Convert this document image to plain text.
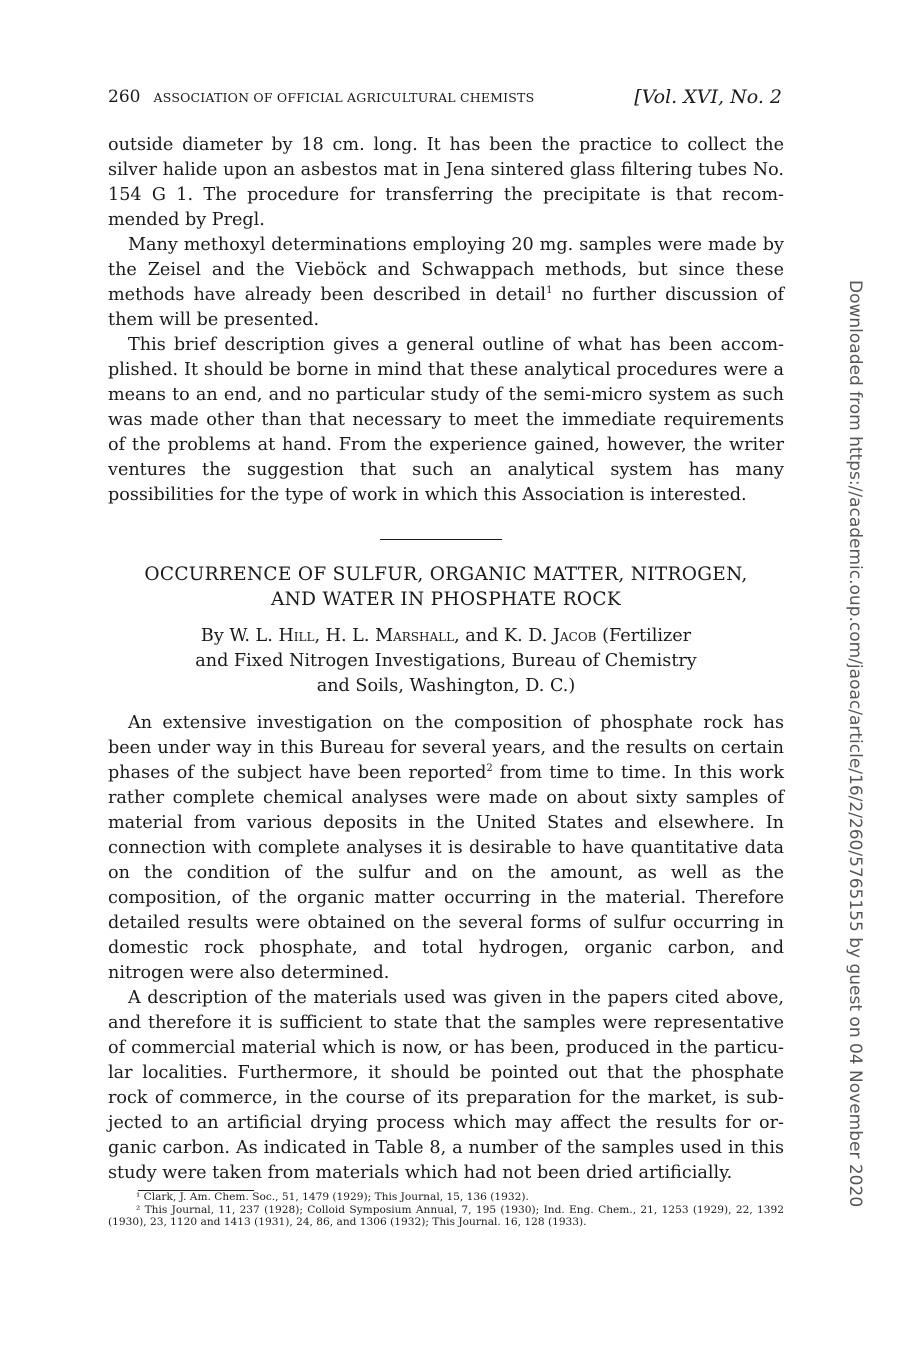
260 ASSOCIATION OF OFFICIAL AGRICULTURAL CHEMISTS	[Vol. XVI, No. 2

outside diameter by 18 cm. long. It has been the practice to collect the silver halide upon an asbestos mat in Jena sintered glass filtering tubes No. 154 G 1. The procedure for transferring the precipitate is that recommended by Pregl.

Many methoxyl determinations employing 20 mg. samples were made by the Zeisel and the Vieböck and Schwappach methods, but since these methods have already been described in detail$^1$ no further discussion of them will be presented.

This brief description gives a general outline of what has been accomplished. It should be borne in mind that these analytical procedures were a means to an end, and no particular study of the semi-micro system as such was made other than that necessary to meet the immediate requirements of the problems at hand. From the experience gained, however, the writer ventures the suggestion that such an analytical system has many possibilities for the type of work in which this Association is interested.

OCCURRENCE OF SULFUR, ORGANIC MATTER, NITROGEN,
AND WATER IN PHOSPHATE ROCK
By W. L. Hill, H. L. Marshall, and K. D. Jacob (Fertilizer
and Fixed Nitrogen Investigations, Bureau of Chemistry
and Soils, Washington, D. C.)

An extensive investigation on the composition of phosphate rock has been under way in this Bureau for several years, and the results on certain phases of the subject have been reported$^2$ from time to time. In this work rather complete chemical analyses were made on about sixty samples of material from various deposits in the United States and elsewhere. In connection with complete analyses it is desirable to have quantitative data on the condition of the sulfur and on the amount, as well as the composition, of the organic matter occurring in the material. Therefore detailed results were obtained on the several forms of sulfur occurring in domestic rock phosphate, and total hydrogen, organic carbon, and nitrogen were also determined.

A description of the materials used was given in the papers cited above, and therefore it is sufficient to state that the samples were representative of commercial material which is now, or has been, produced in the particular localities. Furthermore, it should be pointed out that the phosphate rock of commerce, in the course of its preparation for the market, is subjected to an artificial drying process which may affect the results for organic carbon. As indicated in Table 8, a number of the samples used in this study were taken from materials which had not been dried artificially.

¹ Clark, J. Am. Chem. Soc., 51, 1479 (1929); This Journal, 15, 136 (1932).

² This Journal, 11, 237 (1928); Colloid Symposium Annual, 7, 195 (1930); Ind. Eng. Chem., 21, 1253 (1929), 22, 1392 (1930), 23, 1120 and 1413 (1931), 24, 86, and 1306 (1932); This Journal. 16, 128 (1933).

Downloaded from https://academic.oup.com/jaoac/article/16/2/260/5765155 by guest on 04 November 2020
